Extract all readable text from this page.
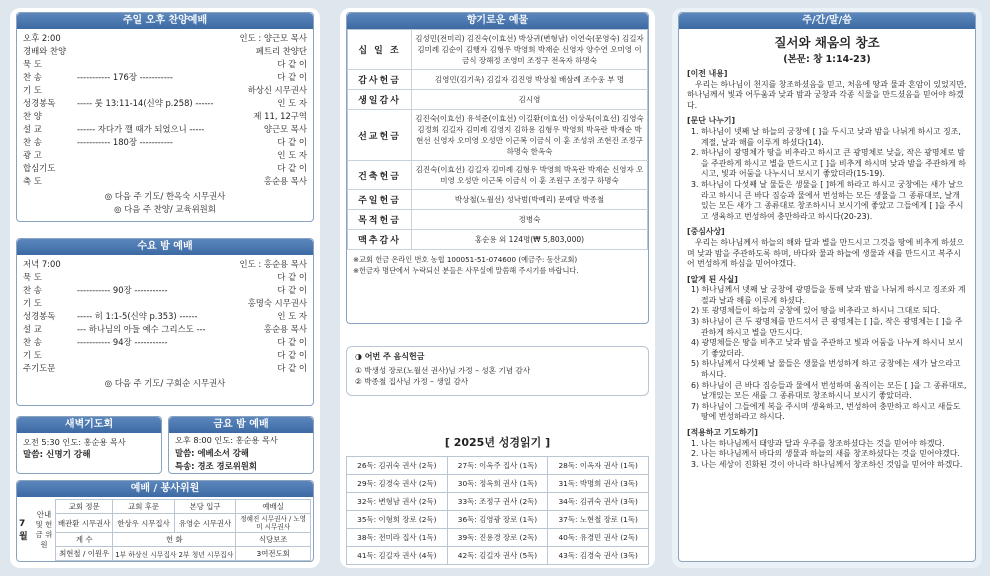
주일 오후 찬양예배
오후 2:00	인도 : 양근모 목사
경배와 찬양	페트리 찬양단
묵 도	다 같 이
찬 송	----------- 176장 -----------	다 같 이
기 도	하상신 시무권사
성경봉독	----- 룻 13:11-14(신약 p.258) ------	인 도 자
찬 양	제 11, 12구역
설 교	------ 자다가 깰 때가 되었으니 -----	양근모 목사
찬 송	----------- 180장 -----------	다 같 이
광 고	인 도 자
합심기도	다 같 이
축 도	홍순용 목사
◎ 다음 주 기도/ 한옥숙 시무권사
◎ 다음 주 찬양/ 교육위원회
수요 밤 예배
저녁 7:00	인도 : 홍순용 목사
묵 도	다 같 이
찬 송	----------- 90장 -----------	다 같 이
기 도	홍명숙 시무권사
성경봉독	----- 히 1:1-5(신약 p.353) ------	인 도 자
설 교	--- 하나님의 아들 예수 그리스도 ---	홍순용 목사
찬 송	----------- 94장 -----------	다 같 이
기 도	다 같 이
주기도문	다 같 이
◎ 다음 주 기도/ 구회순 시무권사
새벽기도회
오전 5:30 인도: 홍순용 목사
말씀: 신명기 강해
금요 밤 예배
오후 8:00 인도: 홍순용 목사
말씀: 에베소서 강해
특송: 경조 경로위원회
예배 / 봉사위원
7월
안내 및 헌금 위원
교회 정문	교회 후문	본당 입구	예배실
배관환 시무권사	한상우 시무집사	유영순 시무권사	정혜진 시무권사 / 노영미 시무권사
계 수	헌 화		식당보조
최현철 / 이원우	1부 하상신 시무집사 2부 청년 시무집사		3여전도회
향기로운 예물
십 일 조	김성민(전미리) 김진숙(이효선) 박상귀(변형남) 이연숙(문영숙) 김길자 김미례 김순이 김행자 김형우 박영희 박재순 신영자 양수연 오미영 이금식 장해정 조영미 조정구 전옥자 하명숙
감사헌금	김영민(김기욱) 김길자 김진영 박상철 배삼례 조수웅 부 명
생일감사	김시영
선교헌금	김진숙(이효선) 유석준(이효선) 이길환(이효선) 이상욱(이효선) 김영숙 김정희 김길자 김미례 김영지 김하용 김형우 박영희 박옥란 박재순 박현선 신영자 오미영 오성만 이근복 이금식 이 훈 조성위 조현진 조정구 하명숙 한옥숙
건축헌금	김진숙(이효선) 김길자 김미례 김형우 박영희 박옥란 박재순 신영자 오미영 오성만 이근복 이금식 이 훈 조원구 조정구 하명숙
주일헌금	박상철(노월선) 성낙범(박예리) 문예담 박종철
목적헌금	정병숙
맥추감사	홍순용 외 124명(₩ 5,803,000)
※교회 헌금 온라인 번호 농협 100051-51-074600 (예금주: 동산교회)
※헌금자 명단에서 누락되신 분들은 사무실에 말씀해 주시기를 바랍니다.
◑ 어번 주 음식헌금
① 박생성 장로(노월선 권사)님 가정 – 성혼 기념 감사
② 박종철 집사님 가정 – 생일 감사
[ 2025년 성경읽기 ]
26독: 김귀숙 권사 (2독)	27독: 이옥주 집사 (1독)	28독: 이옥자 권사 (1독)
29독: 김경숙 권사 (2독)	30독: 정옥희 권사 (1독)	31독: 박명희 권사 (3독)
32독: 변형남 권사 (2독)	33독: 조정구 권사 (2독)	34독: 김귀숙 권사 (3독)
35독: 이형희 장로 (2독)	36독: 김영광 장로 (1독)	37독: 노현철 장로 (1독)
38독: 전미라 집사 (1독)	39독: 진용경 장로 (2독)	40독: 유경민 권사 (2독)
41독: 김길자 권사 (4독)	42독: 김길자 권사 (5독)	43독: 김경숙 권사 (3독)
주/간/말/씀
질서와 채움의 창조
(본문: 창 1:14-23)
[이전 내용]
우리는 하나님이 천지를 창조하셨음을 믿고, 처음에 땅과 물과 혼암이 있었지만, 하나님께서 빛과 어두움과 낮과 밤과 궁창과 각종 식물을 만드셨음을 믿어야 하겠다.
[문단 나누기]
1. 하나님이 넷째 날 하늘의 궁창에 [ ]을 두시고 낮과 밤을 나뉘게 하시고 징조, 계절, 날과 해를 이루게 하셨다(14).
2. 하나님이 광명체가 땅을 비추라고 하시고 큰 광명체로 낮을, 작은 광명체로 밤을 주관하게 하시고 별을 만드시고 [ ]을 비추게 하시며 낮과 밤을 주관하게 하시고, 빛과 어둠을 나누시니 보시기 좋았더라(15-19).
3. 하나님이 다섯째 날 물들은 생물을 [ ]하게 하라고 하시고 궁창에는 새가 날으라고 하시니 큰 바다 짐승과 물에서 번성하는 모든 생물을 그 종류대로, 날개 있는 모든 새가 그 종류대로 창조하시니 보시기에 좋았고 그들에게 [ ]을 주시고 생육하고 번성하여 충만하라고 하시다(20-23).
[중심사상]
우리는 하나님께서 하늘의 해와 달과 별을 만드시고 그것을 땅에 비추게 하셨으며 낮과 밤을 주관하도록 하며, 바다와 물과 하늘에 생물과 새를 만드시고 복주시어 번성하게 하심을 믿어야겠다.
[알게 된 사실]
1) 하나님께서 넷째 날 궁창에 광명들을 통해 낮과 밤을 나뉘게 하시고 징조와 계절과 날과 해를 이루게 하셨다.
2) 또 광명체들이 하늘의 궁창에 있어 땅을 비추라고 하시니 그대로 되다.
3) 하나님이 큰 두 광명체를 만드셔서 큰 광명체는 [ ]을, 작은 광명체는 [ ]을 주관하게 하시고 별을 만드시다.
4) 광명체들은 땅을 비추고 낮과 밤을 주관하고 빛과 어둠을 나누게 하시니 보시기 좋았더라.
5) 하나님께서 다섯째 날 물들은 생물을 번성하게 하고 궁창에는 새가 날으라고 하시다.
6) 하나님이 큰 바다 짐승들과 물에서 번성하며 움직이는 모든 [ ]을 그 종류대로, 날개있는 모든 새를 그 종류대로 창조하시니 보시기 좋았더라.
7) 하나님이 그들에게 복을 주시며 생육하고, 번성하여 충만하고 하시고 새들도 땅에 번성하라고 하시다.
[적용하고 기도하기]
1. 나는 하나님께서 태양과 달과 우주를 창조하셨다는 것을 믿어야 하겠다.
2. 나는 하나님께서 바다의 생물과 하늘의 새를 창조하셨다는 것을 믿어야겠다.
3. 나는 세상이 진화된 것이 아니라 하나님께서 창조하신 것임을 믿어야 하겠다.
